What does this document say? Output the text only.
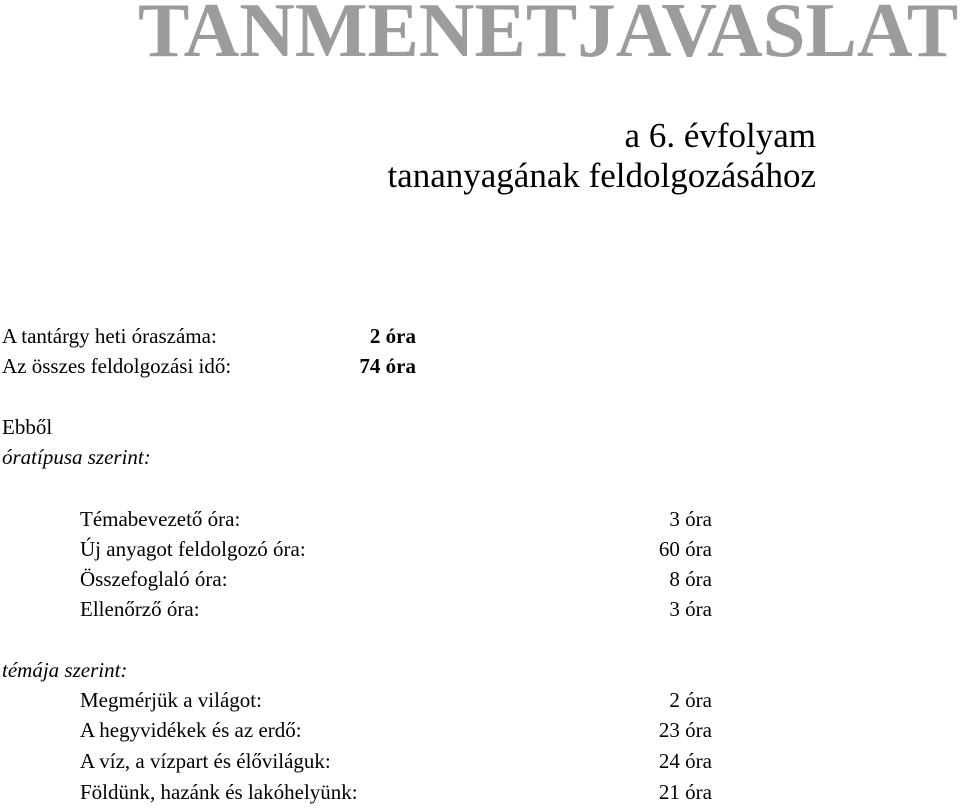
TANMENETJAVASLAT
a 6. évfolyam
tananyagának feldolgozásához
A tantárgy heti óraszáma:	2 óra
Az összes feldolgozási idő:	74 óra
Ebből
óratípusa szerint:
Témabevezető óra:	3 óra
Új anyagot feldolgozó óra:	60 óra
Összefoglaló óra:	8 óra
Ellenőrző óra:	3 óra
témája szerint:
Megmérjük a világot:	2 óra
A hegyvidékek és az erdő:	23 óra
A víz, a vízpart és élőviláguk:	24 óra
Földünk, hazánk és lakóhelyünk:	21 óra
